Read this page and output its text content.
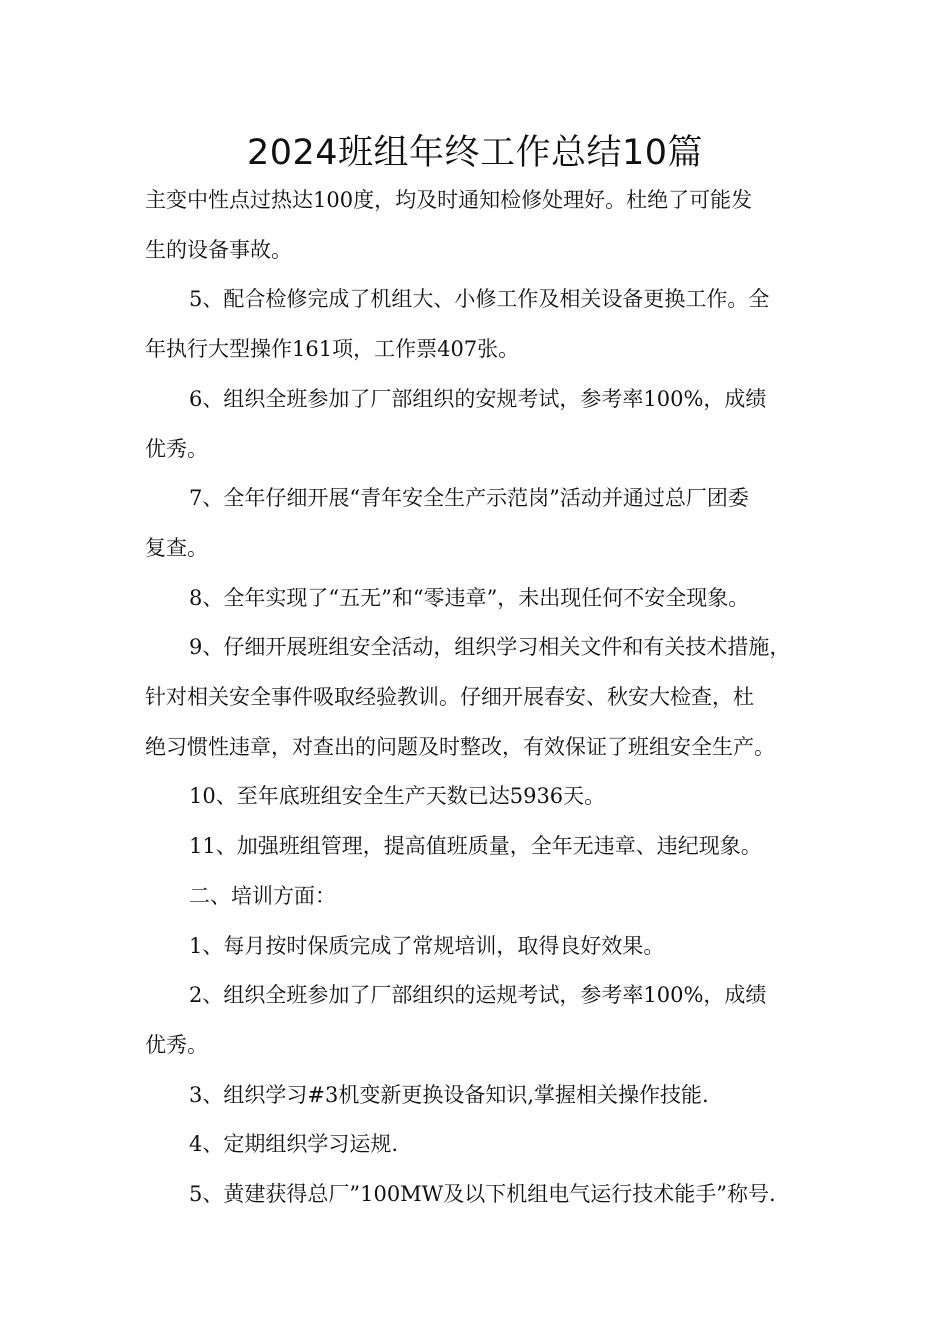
2024班组年终工作总结10篇

主变中性点过热达100度，均及时通知检修处理好。杜绝了可能发

生的设备事故。

5、配合检修完成了机组大、小修工作及相关设备更换工作。全

年执行大型操作161项，工作票407张。

6、组织全班参加了厂部组织的安规考试，参考率100%，成绩

优秀。

7、全年仔细开展“青年安全生产示范岗”活动并通过总厂团委

复查。

8、全年实现了“五无”和“零违章”，未出现任何不安全现象。

9、仔细开展班组安全活动，组织学习相关文件和有关技术措施，

针对相关安全事件吸取经验教训。仔细开展春安、秋安大检查，杜

绝习惯性违章，对查出的问题及时整改，有效保证了班组安全生产。

10、至年底班组安全生产天数已达5936天。

11、加强班组管理，提高值班质量，全年无违章、违纪现象。

二、培训方面：

1、每月按时保质完成了常规培训，取得良好效果。

2、组织全班参加了厂部组织的运规考试，参考率100%，成绩

优秀。

3、组织学习#3机变新更换设备知识,掌握相关操作技能.

4、定期组织学习运规.

5、黄建获得总厂”100MW及以下机组电气运行技术能手”称号.
